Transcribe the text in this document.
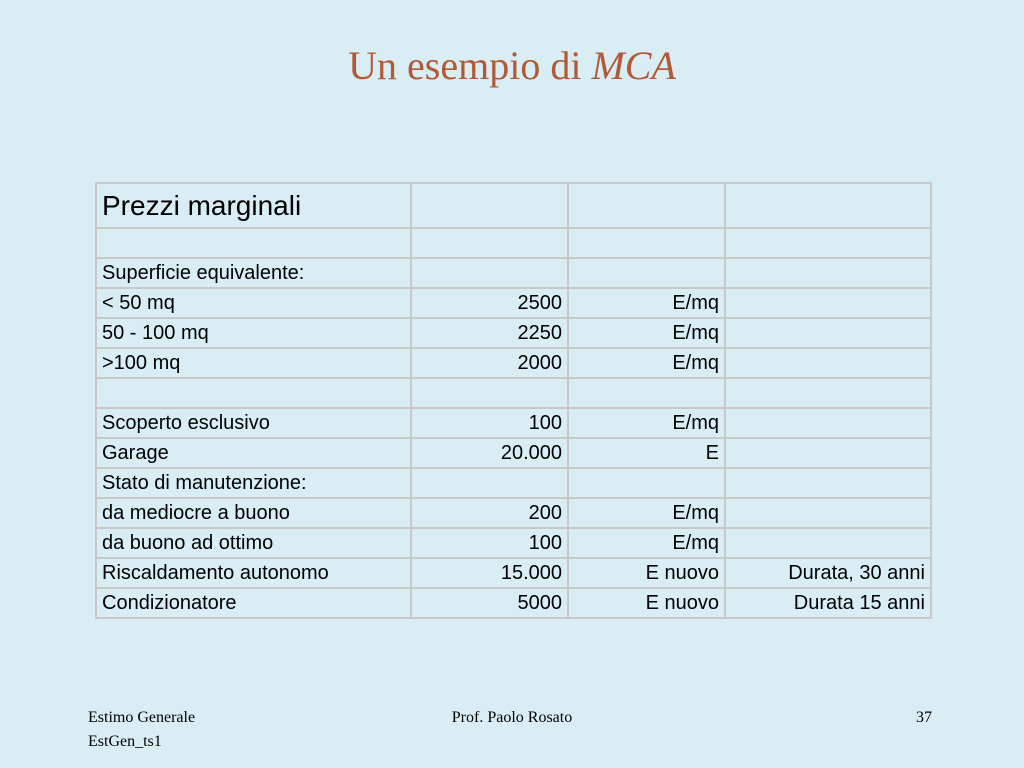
Un esempio di MCA
Prezzi marginali			

Superficie equivalente:			
< 50 mq	2500	E/mq	
50 - 100 mq	2250	E/mq	
>100 mq	2000	E/mq	

Scoperto esclusivo	100	E/mq	
Garage	20.000	E	
Stato di manutenzione:			
da mediocre a buono	200	E/mq	
da buono ad ottimo	100	E/mq	
Riscaldamento autonomo	15.000	E nuovo	Durata, 30 anni
Condizionatore	5000	E nuovo	Durata 15 anni
Estimo Generale
EstGen_ts1
Prof. Paolo Rosato	37
